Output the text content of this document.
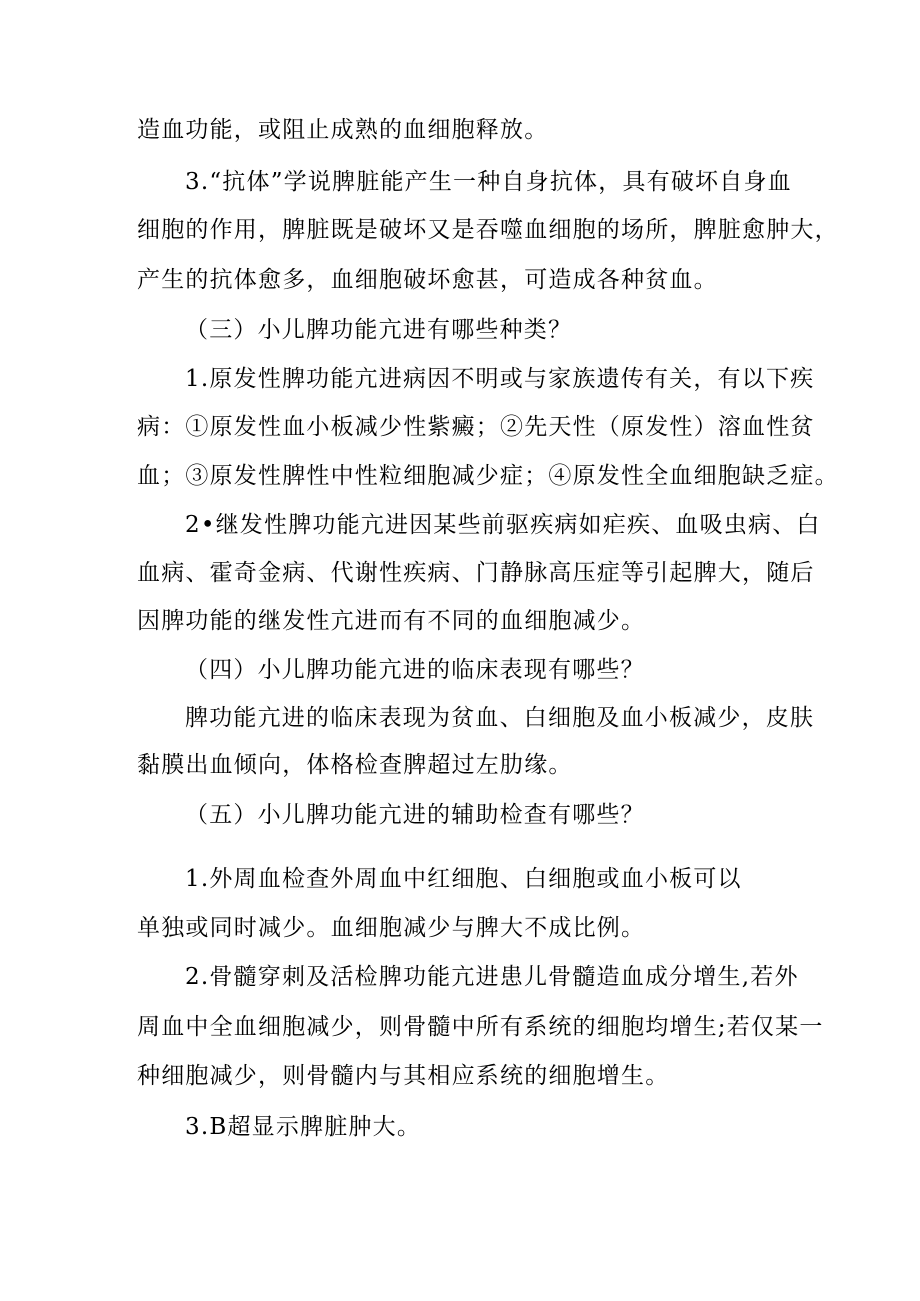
造血功能，或阻止成熟的血细胞释放。
3.“抗体”学说脾脏能产生一种自身抗体，具有破坏自身血
细胞的作用，脾脏既是破坏又是吞噬血细胞的场所，脾脏愈肿大，
产生的抗体愈多，血细胞破坏愈甚，可造成各种贫血。
（三）小儿脾功能亢进有哪些种类？
1.原发性脾功能亢进病因不明或与家族遗传有关，有以下疾
病：①原发性血小板减少性紫癜；②先天性（原发性）溶血性贫
血；③原发性脾性中性粒细胞减少症；④原发性全血细胞缺乏症。
2•继发性脾功能亢进因某些前驱疾病如疟疾、血吸虫病、白
血病、霍奇金病、代谢性疾病、门静脉高压症等引起脾大，随后
因脾功能的继发性亢进而有不同的血细胞减少。
（四）小儿脾功能亢进的临床表现有哪些？
脾功能亢进的临床表现为贫血、白细胞及血小板减少，皮肤
黏膜出血倾向，体格检查脾超过左肋缘。
（五）小儿脾功能亢进的辅助检查有哪些？
1.外周血检查外周血中红细胞、白细胞或血小板可以
单独或同时减少。血细胞减少与脾大不成比例。
2.骨髓穿刺及活检脾功能亢进患儿骨髓造血成分增生,若外
周血中全血细胞减少，则骨髓中所有系统的细胞均增生;若仅某一
种细胞减少，则骨髓内与其相应系统的细胞增生。
3.B超显示脾脏肿大。
